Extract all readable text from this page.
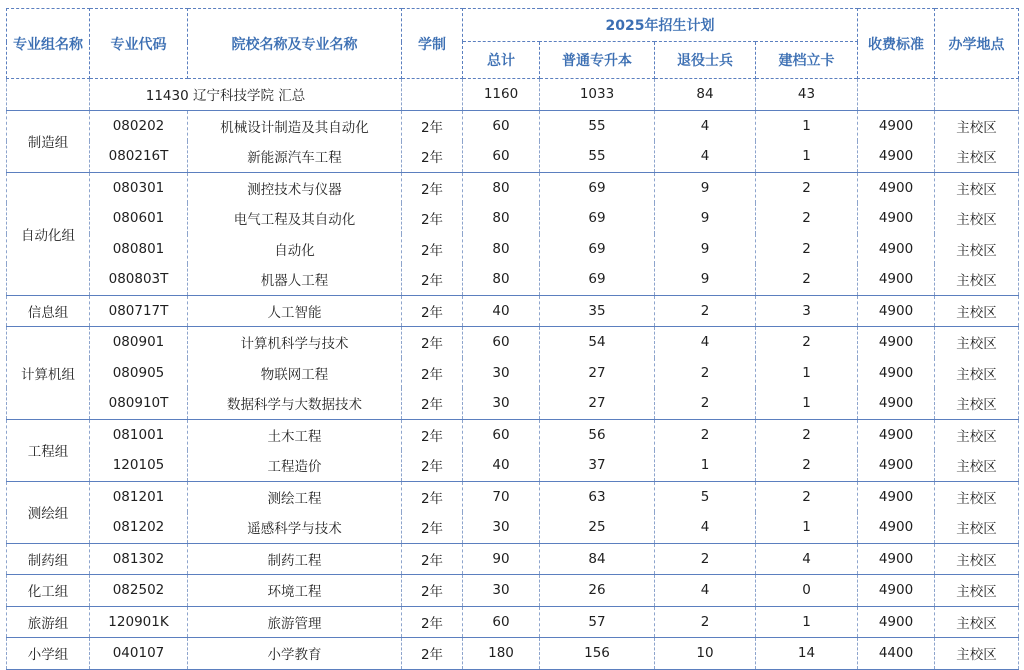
专业组名称	专业代码	院校名称及专业名称	学制	2025年招生计划				收费标准	办学地点
				总计	普通专升本	退役士兵	建档立卡		
	11430 辽宁科技学院 汇总			1160	1033	84	43		
制造组	080202	机械设计制造及其自动化	2年	60	55	4	1	4900	主校区
	080216T	新能源汽车工程	2年	60	55	4	1	4900	主校区
自动化组	080301	测控技术与仪器	2年	80	69	9	2	4900	主校区
	080601	电气工程及其自动化	2年	80	69	9	2	4900	主校区
	080801	自动化	2年	80	69	9	2	4900	主校区
	080803T	机器人工程	2年	80	69	9	2	4900	主校区
信息组	080717T	人工智能	2年	40	35	2	3	4900	主校区
计算机组	080901	计算机科学与技术	2年	60	54	4	2	4900	主校区
	080905	物联网工程	2年	30	27	2	1	4900	主校区
	080910T	数据科学与大数据技术	2年	30	27	2	1	4900	主校区
工程组	081001	土木工程	2年	60	56	2	2	4900	主校区
	120105	工程造价	2年	40	37	1	2	4900	主校区
测绘组	081201	测绘工程	2年	70	63	5	2	4900	主校区
	081202	遥感科学与技术	2年	30	25	4	1	4900	主校区
制药组	081302	制药工程	2年	90	84	2	4	4900	主校区
化工组	082502	环境工程	2年	30	26	4	0	4900	主校区
旅游组	120901K	旅游管理	2年	60	57	2	1	4900	主校区
小学组	040107	小学教育	2年	180	156	10	14	4400	主校区
